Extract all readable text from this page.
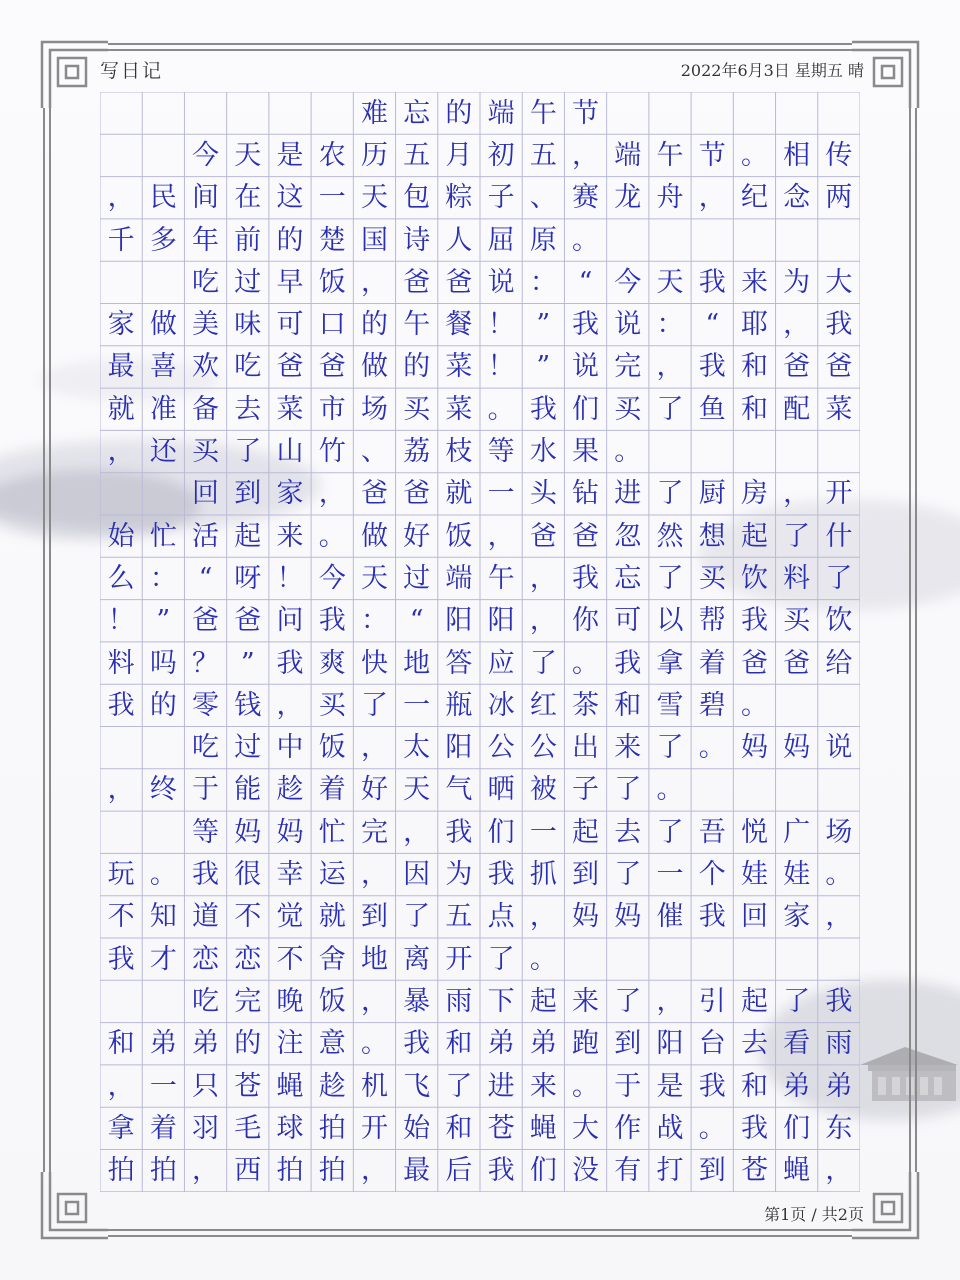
写日记	2022年6月3日 星期五 晴
难 忘 的 端 午 节
今 天 是 农 历 五 月 初 五 ， 端 午 节 。 相 传
， 民 间 在 这 一 天 包 粽 子 、 赛 龙 舟 ， 纪 念 两
千 多 年 前 的 楚 国 诗 人 屈 原 。
吃 过 早 饭 ， 爸 爸 说 ： “ 今 天 我 来 为 大
家 做 美 味 可 口 的 午 餐 ！ ” 我 说 ： “ 耶 ， 我
最 喜 欢 吃 爸 爸 做 的 菜 ！ ” 说 完 ， 我 和 爸 爸
就 准 备 去 菜 市 场 买 菜 。 我 们 买 了 鱼 和 配 菜
， 还 买 了 山 竹 、 荔 枝 等 水 果 。
回 到 家 ， 爸 爸 就 一 头 钻 进 了 厨 房 ， 开
始 忙 活 起 来 。 做 好 饭 ， 爸 爸 忽 然 想 起 了 什
么 ： “ 呀 ！ 今 天 过 端 午 ， 我 忘 了 买 饮 料 了
！ ” 爸 爸 问 我 ： “ 阳 阳 ， 你 可 以 帮 我 买 饮
料 吗 ？ ” 我 爽 快 地 答 应 了 。 我 拿 着 爸 爸 给
我 的 零 钱 ， 买 了 一 瓶 冰 红 茶 和 雪 碧 。
吃 过 中 饭 ， 太 阳 公 公 出 来 了 。 妈 妈 说
， 终 于 能 趁 着 好 天 气 晒 被 子 了 。
等 妈 妈 忙 完 ， 我 们 一 起 去 了 吾 悦 广 场
玩 。 我 很 幸 运 ， 因 为 我 抓 到 了 一 个 娃 娃 。
不 知 道 不 觉 就 到 了 五 点 ， 妈 妈 催 我 回 家 ，
我 才 恋 恋 不 舍 地 离 开 了 。
吃 完 晚 饭 ， 暴 雨 下 起 来 了 ， 引 起 了 我
和 弟 弟 的 注 意 。 我 和 弟 弟 跑 到 阳 台 去 看 雨
， 一 只 苍 蝇 趁 机 飞 了 进 来 。 于 是 我 和 弟 弟
拿 着 羽 毛 球 拍 开 始 和 苍 蝇 大 作 战 。 我 们 东
拍 拍 ， 西 拍 拍 ， 最 后 我 们 没 有 打 到 苍 蝇 ，
第1页 / 共2页
